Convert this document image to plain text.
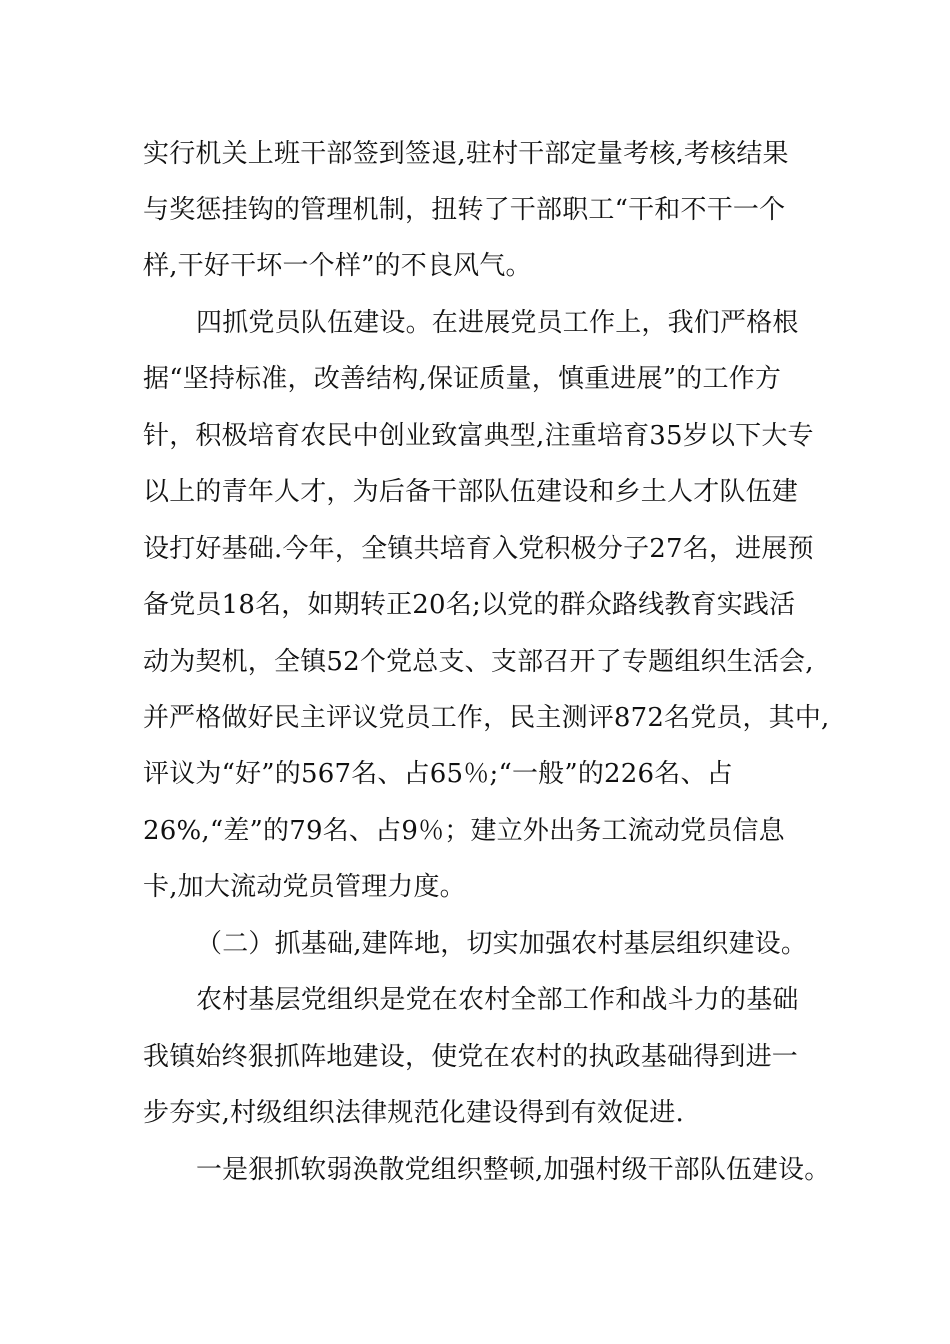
实行机关上班干部签到签退,驻村干部定量考核,考核结果

与奖惩挂钩的管理机制，扭转了干部职工“干和不干一个

样,干好干坏一个样”的不良风气。

四抓党员队伍建设。在进展党员工作上，我们严格根

据“坚持标准，改善结构,保证质量，慎重进展”的工作方

针，积极培育农民中创业致富典型,注重培育35岁以下大专

以上的青年人才，为后备干部队伍建设和乡土人才队伍建

设打好基础.今年，全镇共培育入党积极分子27名，进展预

备党员18名，如期转正20名;以党的群众路线教育实践活

动为契机，全镇52个党总支、支部召开了专题组织生活会,

并严格做好民主评议党员工作，民主测评872名党员，其中,

评议为“好”的567名、占65％;“一般”的226名、占

26%,“差”的79名、占9％；建立外出务工流动党员信息

卡,加大流动党员管理力度。

（二）抓基础,建阵地，切实加强农村基层组织建设。

农村基层党组织是党在农村全部工作和战斗力的基础

我镇始终狠抓阵地建设，使党在农村的执政基础得到进一

步夯实,村级组织法律规范化建设得到有效促进.

一是狠抓软弱涣散党组织整顿,加强村级干部队伍建设。
